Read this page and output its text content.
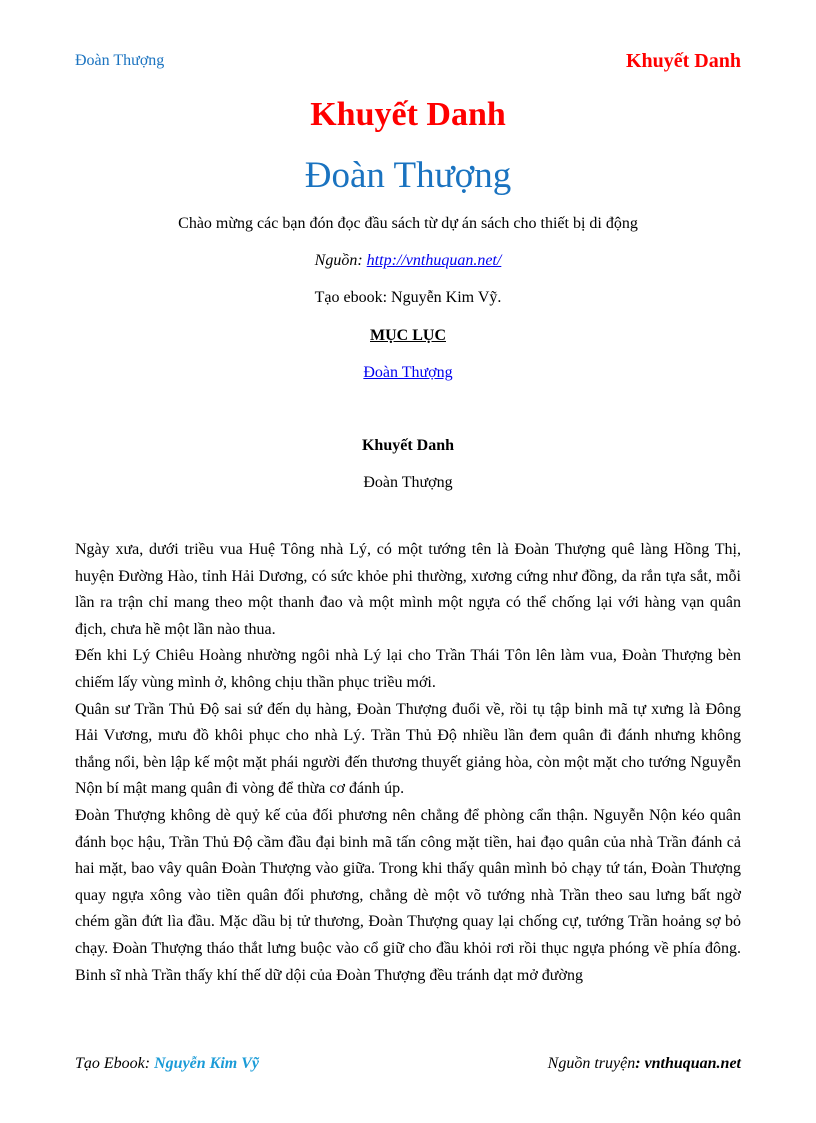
Đoàn Thượng	Khuyết Danh
Khuyết Danh
Đoàn Thượng
Chào mừng các bạn đón đọc đầu sách từ dự án sách cho thiết bị di động
Nguồn: http://vnthuquan.net/
Tạo ebook: Nguyễn Kim Vỹ.
MỤC LỤC
Đoàn Thượng
Khuyết Danh
Đoàn Thượng

Ngày xưa, dưới triều vua Huệ Tông nhà Lý, có một tướng tên là Đoàn Thượng quê làng Hồng Thị, huyện Đường Hào, tỉnh Hải Dương, có sức khỏe phi thường, xương cứng như đồng, da rắn tựa sắt, mỗi lần ra trận chỉ mang theo một thanh đao và một mình một ngựa có thể chống lại với hàng vạn quân địch, chưa hề một lần nào thua.

Đến khi Lý Chiêu Hoàng nhường ngôi nhà Lý lại cho Trần Thái Tôn lên làm vua, Đoàn Thượng bèn chiếm lấy vùng mình ở, không chịu thần phục triều mới.

Quân sư Trần Thủ Độ sai sứ đến dụ hàng, Đoàn Thượng đuổi về, rồi tụ tập binh mã tự xưng là Đông Hải Vương, mưu đồ khôi phục cho nhà Lý. Trần Thủ Độ nhiều lần đem quân đi đánh nhưng không thắng nổi, bèn lập kế một mặt phái người đến thương thuyết giảng hòa, còn một mặt cho tướng Nguyễn Nộn bí mật mang quân đi vòng để thừa cơ đánh úp.

Đoàn Thượng không dè quỷ kế của đối phương nên chẳng để phòng cẩn thận. Nguyễn Nộn kéo quân đánh bọc hậu, Trần Thủ Độ cầm đầu đại binh mã tấn công mặt tiền, hai đạo quân của nhà Trần đánh cả hai mặt, bao vây quân Đoàn Thượng vào giữa. Trong khi thấy quân mình bỏ chạy tứ tán, Đoàn Thượng quay ngựa xông vào tiền quân đối phương, chẳng dè một võ tướng nhà Trần theo sau lưng bất ngờ chém gần đứt lìa đầu. Mặc dầu bị tử thương, Đoàn Thượng quay lại chống cự, tướng Trần hoảng sợ bỏ chạy. Đoàn Thượng tháo thắt lưng buộc vào cổ giữ cho đầu khỏi rơi rồi thục ngựa phóng về phía đông. Binh sĩ nhà Trần thấy khí thế dữ dội của Đoàn Thượng đều tránh dạt mở đường

Tạo Ebook: Nguyễn Kim Vỹ	Nguồn truyện: vnthuquan.net
